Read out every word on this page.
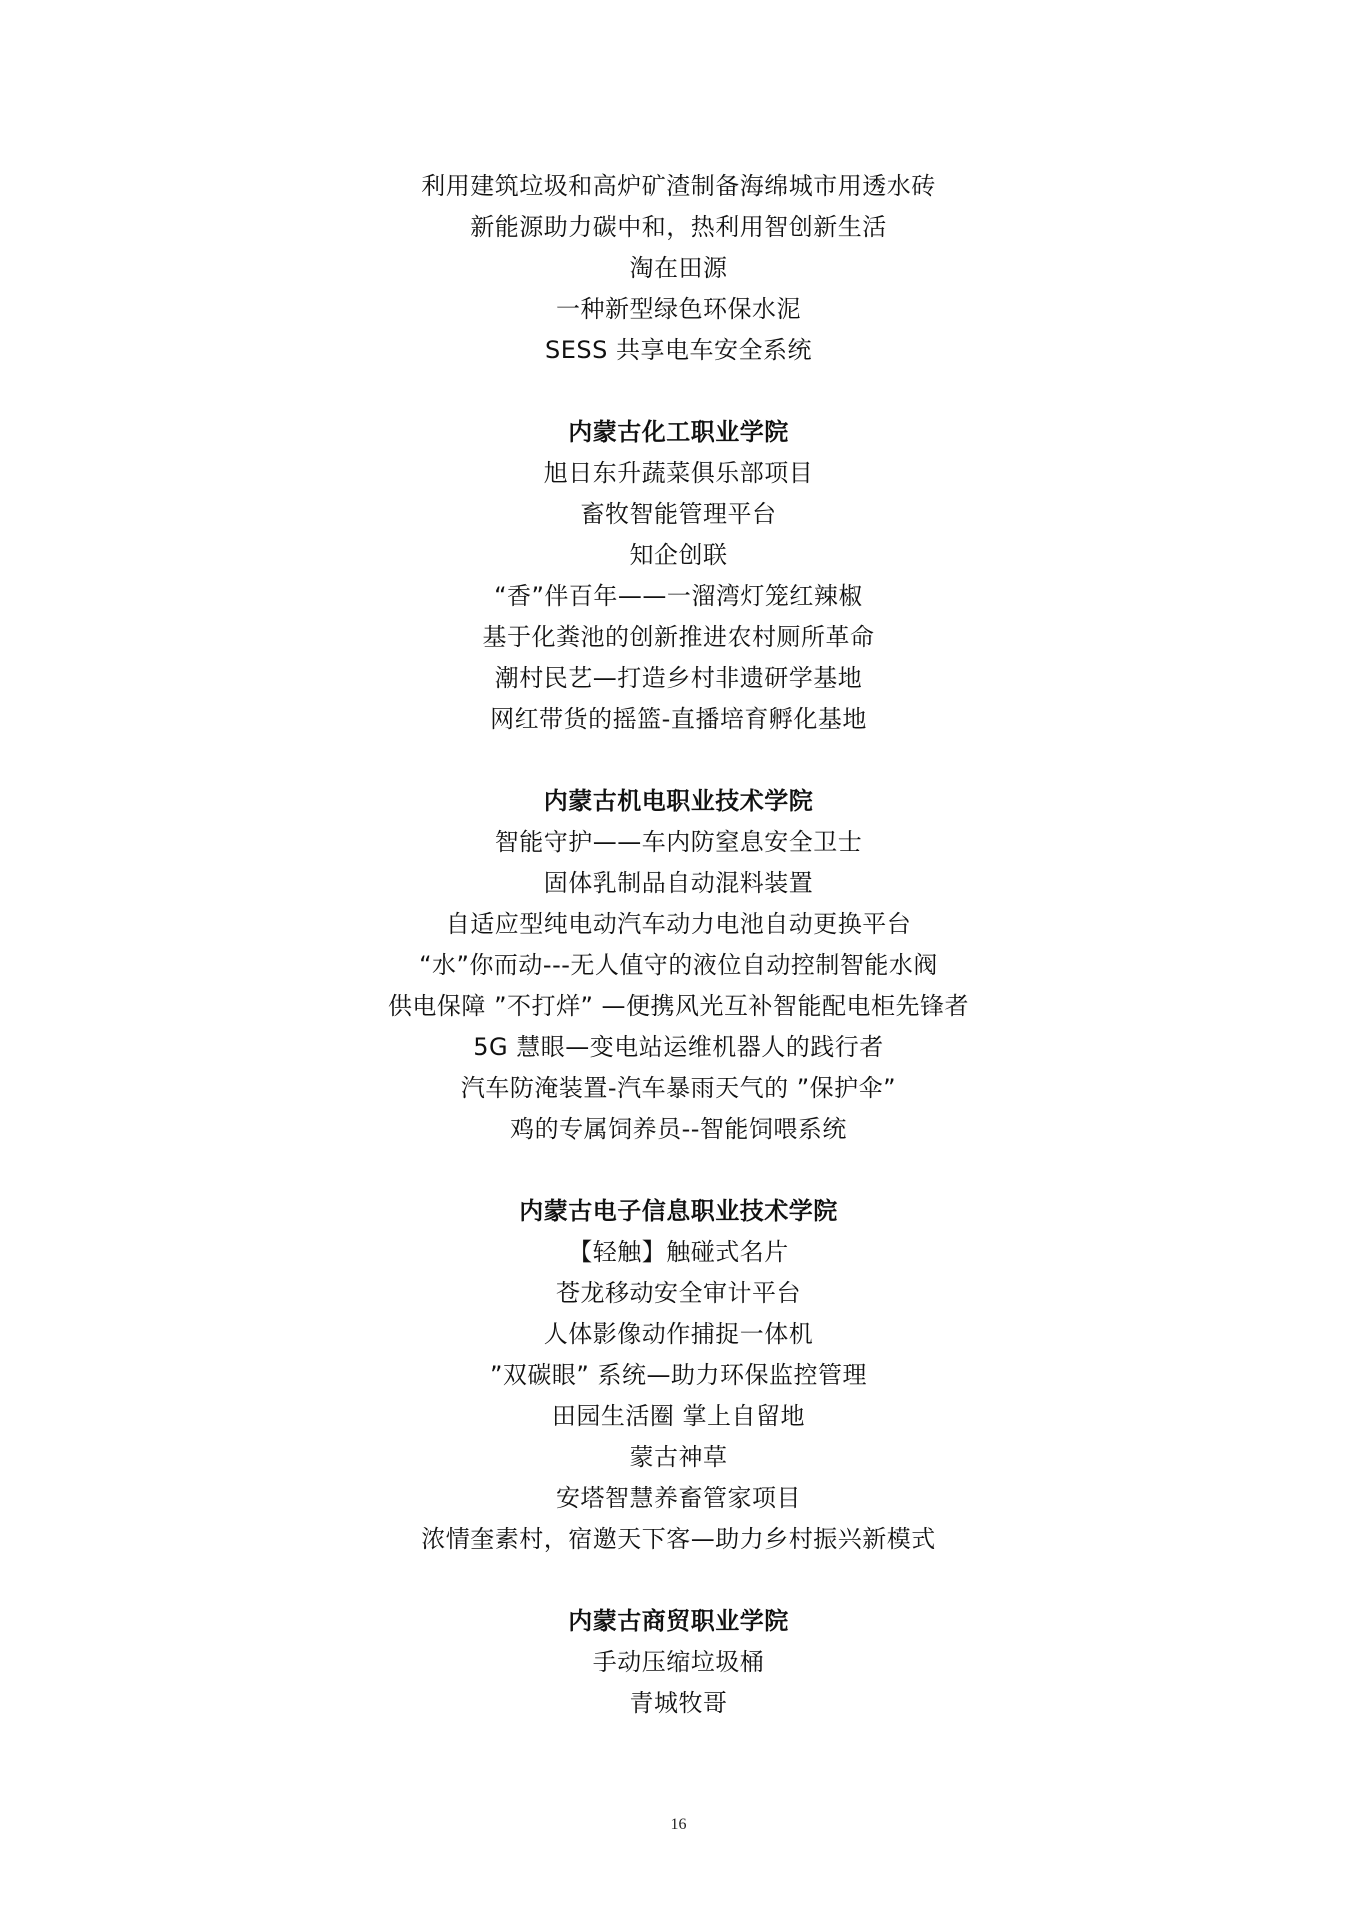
利用建筑垃圾和高炉矿渣制备海绵城市用透水砖
新能源助力碳中和，热利用智创新生活
淘在田源
一种新型绿色环保水泥
SESS 共享电车安全系统
内蒙古化工职业学院
旭日东升蔬菜俱乐部项目
畜牧智能管理平台
知企创联
“香”伴百年——一溜湾灯笼红辣椒
基于化粪池的创新推进农村厕所革命
潮村民艺—打造乡村非遗研学基地
网红带货的摇篮-直播培育孵化基地
内蒙古机电职业技术学院
智能守护——车内防窒息安全卫士
固体乳制品自动混料装置
自适应型纯电动汽车动力电池自动更换平台
“水”你而动---无人值守的液位自动控制智能水阀
供电保障 ”不打烊” —便携风光互补智能配电柜先锋者
5G 慧眼—变电站运维机器人的践行者
汽车防淹装置-汽车暴雨天气的 ”保护伞”
鸡的专属饲养员--智能饲喂系统
内蒙古电子信息职业技术学院
【轻触】触碰式名片
苍龙移动安全审计平台
人体影像动作捕捉一体机
”双碳眼” 系统—助力环保监控管理
田园生活圈 掌上自留地
蒙古神草
安塔智慧养畜管家项目
浓情奎素村，宿邀天下客—助力乡村振兴新模式
内蒙古商贸职业学院
手动压缩垃圾桶
青城牧哥
16
